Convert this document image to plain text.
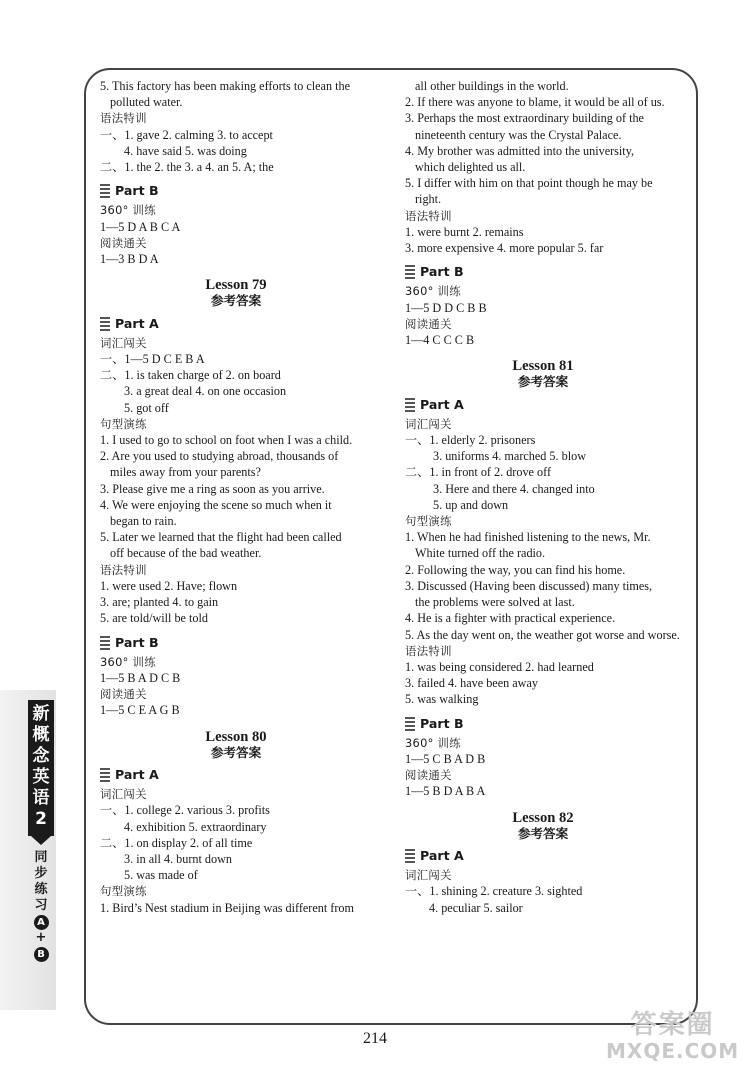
5. This factory has been making efforts to clean the

polluted water.

语法特训

一、1. gave 2. calming 3. to accept

4. have said 5. was doing

二、1. the 2. the 3. a 4. an 5. A; the

Part B

360° 训练

1—5 D A B C A

阅读通关

1—3 B D A

Lesson 79
参考答案
Part A

词汇闯关

一、1—5 D C E B A

二、1. is taken charge of 2. on board

3. a great deal 4. on one occasion

5. got off

句型演练

1. I used to go to school on foot when I was a child.

2. Are you used to studying abroad, thousands of

miles away from your parents?

3. Please give me a ring as soon as you arrive.

4. We were enjoying the scene so much when it

began to rain.

5. Later we learned that the flight had been called

off because of the bad weather.

语法特训

1. were used 2. Have; flown

3. are; planted 4. to gain

5. are told/will be told

Part B

360° 训练

1—5 B A D C B

阅读通关

1—5 C E A G B

Lesson 80
参考答案
Part A

词汇闯关

一、1. college 2. various 3. profits

4. exhibition 5. extraordinary

二、1. on display 2. of all time

3. in all 4. burnt down

5. was made of

句型演练

1. Bird’s Nest stadium in Beijing was different from

all other buildings in the world.

2. If there was anyone to blame, it would be all of us.

3. Perhaps the most extraordinary building of the

nineteenth century was the Crystal Palace.

4. My brother was admitted into the university,

which delighted us all.

5. I differ with him on that point though he may be

right.

语法特训

1. were burnt 2. remains

3. more expensive 4. more popular 5. far

Part B

360° 训练

1—5 D D C B B

阅读通关

1—4 C C C B

Lesson 81
参考答案
Part A

词汇闯关

一、1. elderly 2. prisoners

3. uniforms 4. marched 5. blow

二、1. in front of 2. drove off

3. Here and there 4. changed into

5. up and down

句型演练

1. When he had finished listening to the news, Mr.

White turned off the radio.

2. Following the way, you can find his home.

3. Discussed (Having been discussed) many times,

the problems were solved at last.

4. He is a fighter with practical experience.

5. As the day went on, the weather got worse and worse.

语法特训

1. was being considered 2. had learned

3. failed 4. have been away

5. was walking

Part B

360° 训练

1—5 C B A D B

阅读通关

1—5 B D A B A

Lesson 82
参考答案
Part A

词汇闯关

一、1. shining 2. creature 3. sighted

4. peculiar 5. sailor

新
概
念
英
语
2
同
步
练
习
A
+
B
214	答案圈
MXQE.COM
